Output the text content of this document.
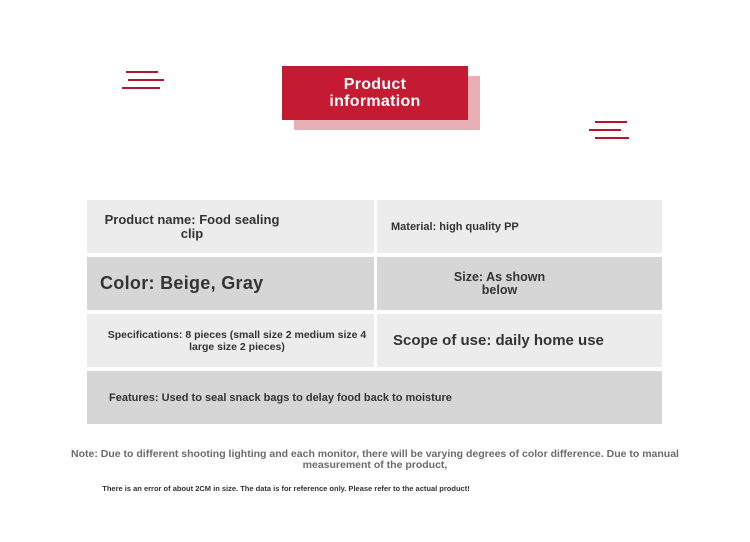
Product information
Product name: Food sealing clip	Material: high quality PP
Color: Beige, Gray	Size: As shown below
Specifications: 8 pieces (small size 2 medium size 4 large size 2 pieces)	Scope of use: daily home use
Features: Used to seal snack bags to delay food back to moisture
Note: Due to different shooting lighting and each monitor, there will be varying degrees of color difference. Due to manual measurement of the product,
There is an error of about 2CM in size. The data is for reference only. Please refer to the actual product!
